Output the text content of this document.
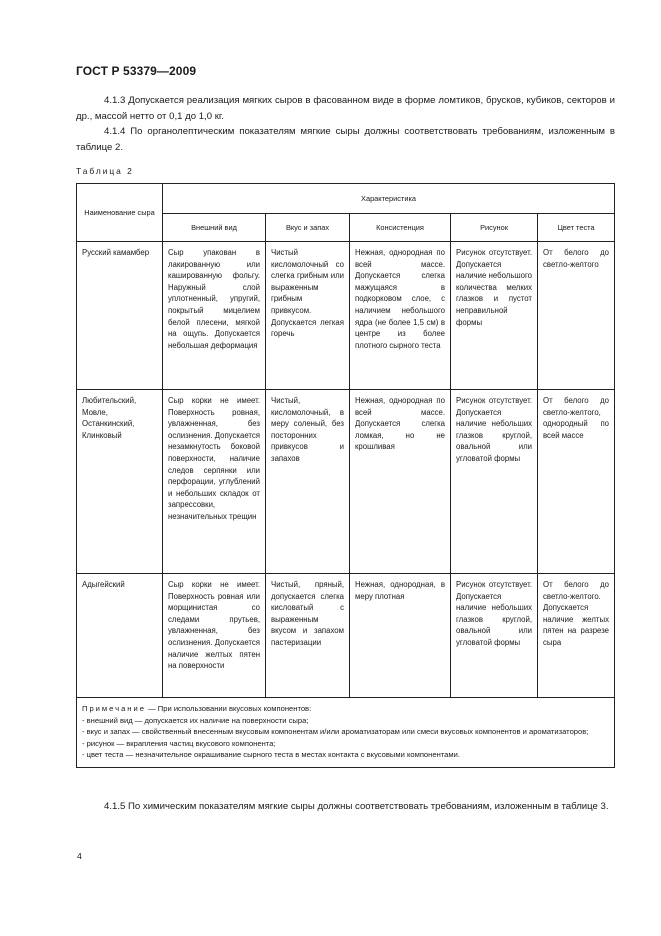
ГОСТ Р 53379—2009
4.1.3 Допускается реализация мягких сыров в фасованном виде в форме ломтиков, брусков, кубиков, секторов и др., массой нетто от 0,1 до 1,0 кг.
4.1.4 По органолептическим показателям мягкие сыры должны соответствовать требованиям, изложенным в таблице 2.
Таблица 2
Наименование сыра	Характеристика				
	Внешний вид	Вкус и запах	Консистенция	Рисунок	Цвет теста
Русский камамбер	Сыр упакован в лакированную или кашированную фольгу. Наружный слой уплотненный, упругий, покрытый мицелием белой плесени, мягкой на ощупь. Допускается небольшая деформация	Чистый кисломолочный со слегка грибным или выраженным грибным привкусом. Допускается легкая горечь	Нежная, однородная по всей массе. Допускается слегка мажущаяся в подкорковом слое, с наличием небольшого ядра (не более 1,5 см) в центре из более плотного сырного теста	Рисунок отсутствует. Допускается наличие небольшого количества мелких глазков и пустот неправильной формы	От белого до светло-желтого
Любительский, Мовле, Останкинский, Клинковый	Сыр корки не имеет. Поверхность ровная, увлажненная, без ослизнения. Допускается незамкнутость боковой поверхности, наличие следов серпянки или перфорации, углублений и небольших складок от запрессовки, незначительных трещин	Чистый, кисломолочный, в меру соленый, без посторонних привкусов и запахов	Нежная, однородная по всей массе. Допускается слегка ломкая, но не крошливая	Рисунок отсутствует. Допускается наличие небольших глазков круглой, овальной или угловатой формы	От белого до светло-желтого, однородный по всей массе
Адыгейский	Сыр корки не имеет. Поверхность ровная или морщинистая со следами прутьев, увлажненная, без ослизнения. Допускается наличие желтых пятен на поверхности	Чистый, пряный, допускается слегка кисловатый с выраженным вкусом и запахом пастеризации	Нежная, однородная, в меру плотная	Рисунок отсутствует. Допускается наличие небольших глазков круглой, овальной или угловатой формы	От белого до светло-желтого. Допускается наличие желтых пятен на разрезе сыра

Примечание — При использовании вкусовых компонентов:
- внешний вид — допускается их наличие на поверхности сыра;
- вкус и запах — свойственный внесенным вкусовым компонентам и/или ароматизаторам или смеси вкусовых компонентов и ароматизаторов;
- рисунок — вкрапления частиц вкусового компонента;
- цвет теста — незначительное окрашивание сырного теста в местах контакта с вкусовыми компонентами.					
4.1.5 По химическим показателям мягкие сыры должны соответствовать требованиям, изложенным в таблице 3.
4
